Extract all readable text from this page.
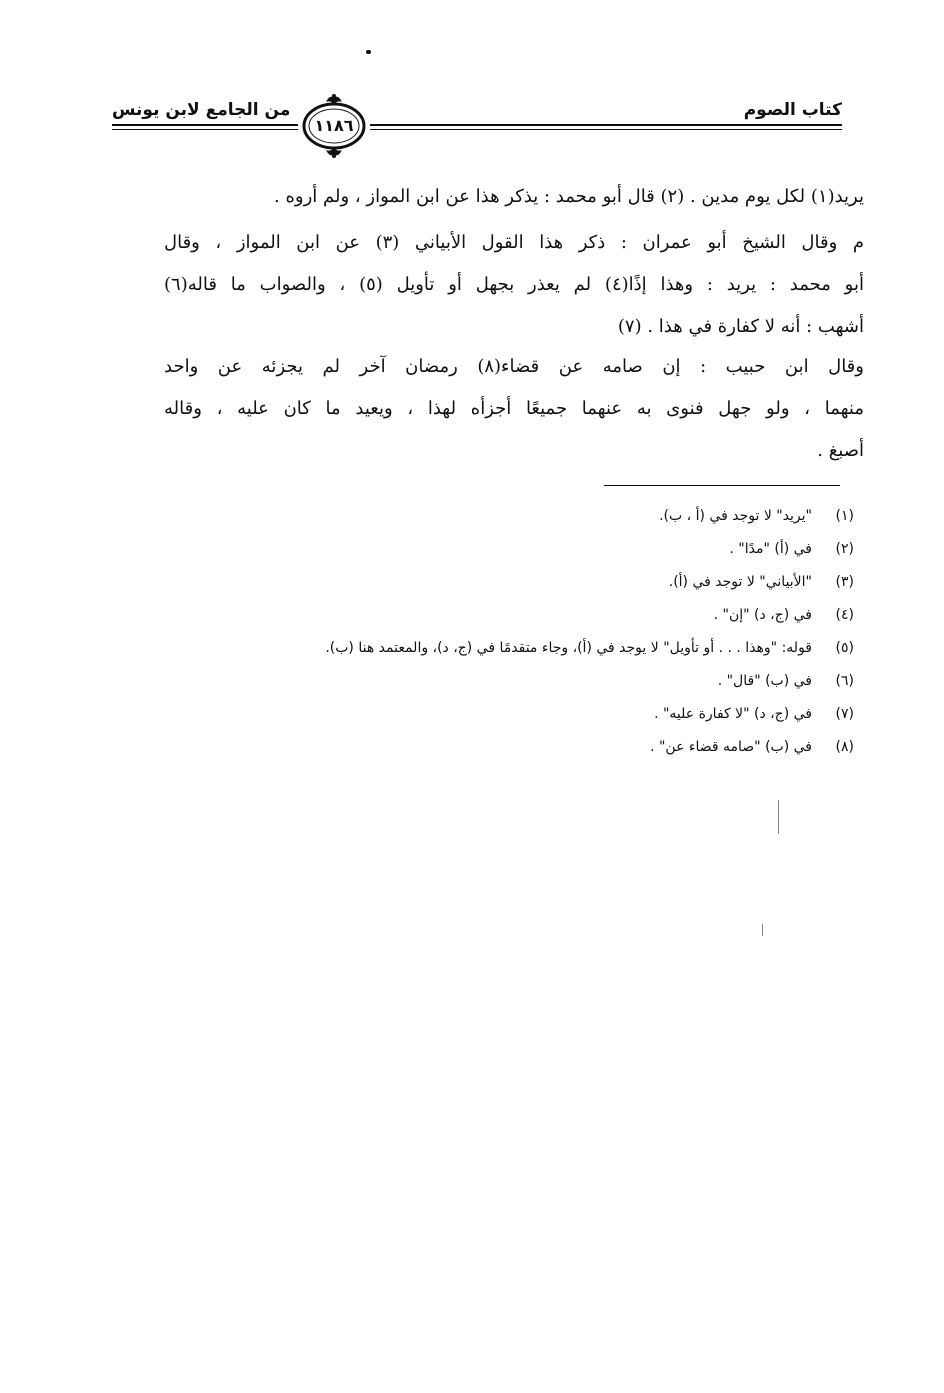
كتاب الصوم
من الجامع لابن يونس
١١٨٦
يريد(١) لكل يوم مدين . (٢) قال أبو محمد : يذكر هذا عن ابن المواز ، ولم أروه .
م وقال الشيخ أبو عمران : ذكر هذا القول الأبياني (٣) عن ابن المواز ، وقال
أبو محمد : يريد : وهذا إذًا(٤) لم يعذر بجهل أو تأويل (٥) ، والصواب ما قاله(٦)
أشهب : أنه لا كفارة في هذا . (٧)
وقال ابن حبيب : إن صامه عن قضاء(٨) رمضان آخر لم يجزئه عن واحد
منهما ، ولو جهل فنوى به عنهما جميعًا أجزأه لهذا ، ويعيد ما كان عليه ، وقاله
أصبغ .
(١)
"يريد" لا توجد في (أ ، ب).
(٢)
في (أ) "مدًا" .
(٣)
"الأبياني" لا توجد في (أ).
(٤)
في (ج، د) "إن" .
(٥)
قوله: "وهذا . . . أو تأويل" لا يوجد في (أ)، وجاء متقدمًا في (ج، د)، والمعتمد هنا (ب).
(٦)
في (ب) "قال" .
(٧)
في (ج، د) "لا كفارة عليه" .
(٨)
في (ب) "صامه قضاء عن" .
